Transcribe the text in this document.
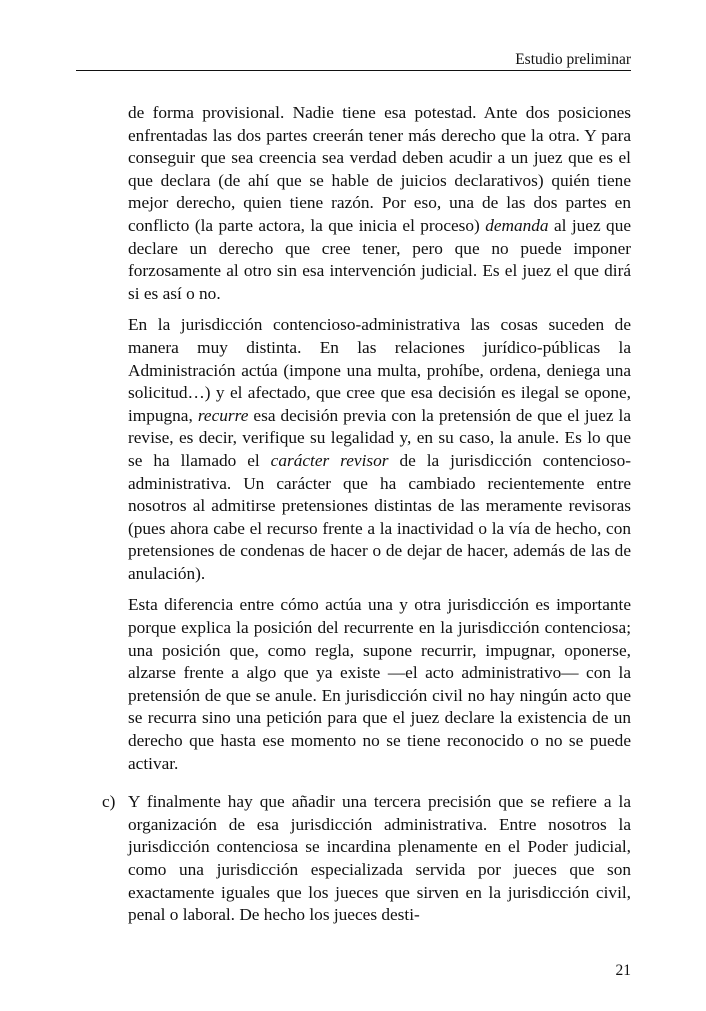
Estudio preliminar

de forma provisional. Nadie tiene esa potestad. Ante dos posiciones enfrentadas las dos partes creerán tener más derecho que la otra. Y para conseguir que sea creencia sea verdad deben acudir a un juez que es el que declara (de ahí que se hable de juicios declarativos) quién tiene mejor derecho, quien tiene razón. Por eso, una de las dos partes en conflicto (la parte actora, la que inicia el proceso) demanda al juez que declare un derecho que cree tener, pero que no puede imponer forzosamente al otro sin esa intervención judicial. Es el juez el que dirá si es así o no.

En la jurisdicción contencioso-administrativa las cosas suceden de manera muy distinta. En las relaciones jurídico-públicas la Administración actúa (impone una multa, prohíbe, ordena, deniega una solicitud…) y el afectado, que cree que esa decisión es ilegal se opone, impugna, recurre esa decisión previa con la pretensión de que el juez la revise, es decir, verifique su legalidad y, en su caso, la anule. Es lo que se ha llamado el carácter revisor de la jurisdicción contencioso-administrativa. Un carácter que ha cambiado recientemente entre nosotros al admitirse pretensiones distintas de las meramente revisoras (pues ahora cabe el recurso frente a la inactividad o la vía de hecho, con pretensiones de condenas de hacer o de dejar de hacer, además de las de anulación).

Esta diferencia entre cómo actúa una y otra jurisdicción es importante porque explica la posición del recurrente en la jurisdicción contenciosa; una posición que, como regla, supone recurrir, impugnar, oponerse, alzarse frente a algo que ya existe —el acto administrativo— con la pretensión de que se anule. En jurisdicción civil no hay ningún acto que se recurra sino una petición para que el juez declare la existencia de un derecho que hasta ese momento no se tiene reconocido o no se puede activar.

c) Y finalmente hay que añadir una tercera precisión que se refiere a la organización de esa jurisdicción administrativa. Entre nosotros la jurisdicción contenciosa se incardina plenamente en el Poder judicial, como una jurisdicción especializada servida por jueces que son exactamente iguales que los jueces que sirven en la jurisdicción civil, penal o laboral. De hecho los jueces desti-

21
